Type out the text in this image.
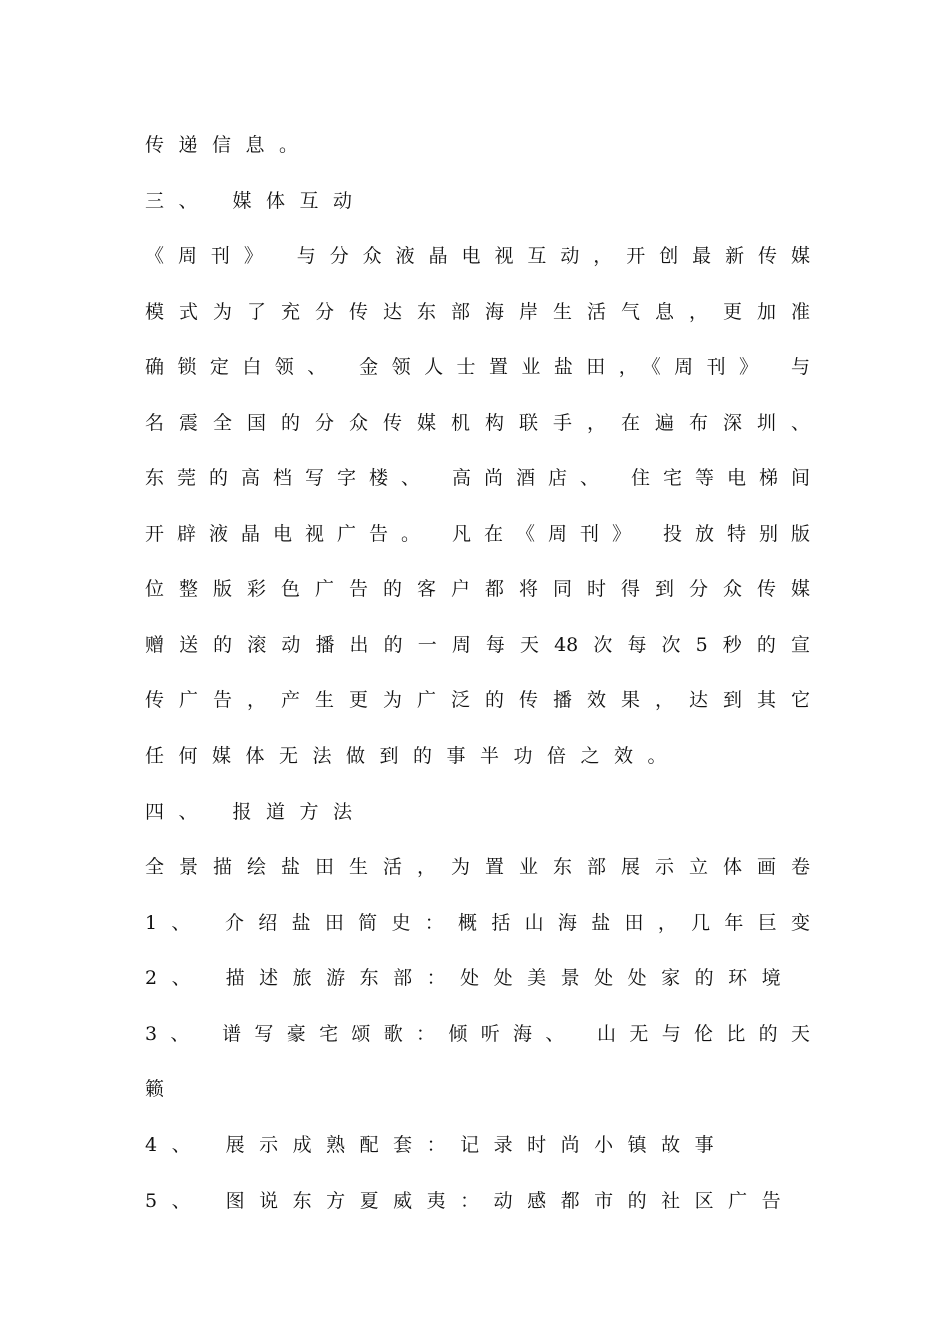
传递信息。
三、 媒体互动
《周刊》 与分众液晶电视互动，开创最新传媒
模式为了充分传达东部海岸生活气息，更加准
确锁定白领、 金领人士置业盐田，《周刊》 与
名震全国的分众传媒机构联手，在遍布深圳、
东莞的高档写字楼、 高尚酒店、 住宅等电梯间
开辟液晶电视广告。 凡在《周刊》 投放特别版
位整版彩色广告的客户都将同时得到分众传媒
赠送的滚动播出的一周每天48次每次5秒的宣
传广告，产生更为广泛的传播效果，达到其它
任何媒体无法做到的事半功倍之效。
四、 报道方法
全景描绘盐田生活，为置业东部展示立体画卷
1、 介绍盐田简史：概括山海盐田，几年巨变
2、 描述旅游东部：处处美景处处家的环境
3、 谱写豪宅颂歌：倾听海、 山无与伦比的天
籁
4、 展示成熟配套：记录时尚小镇故事
5、 图说东方夏威夷：动感都市的社区广告
